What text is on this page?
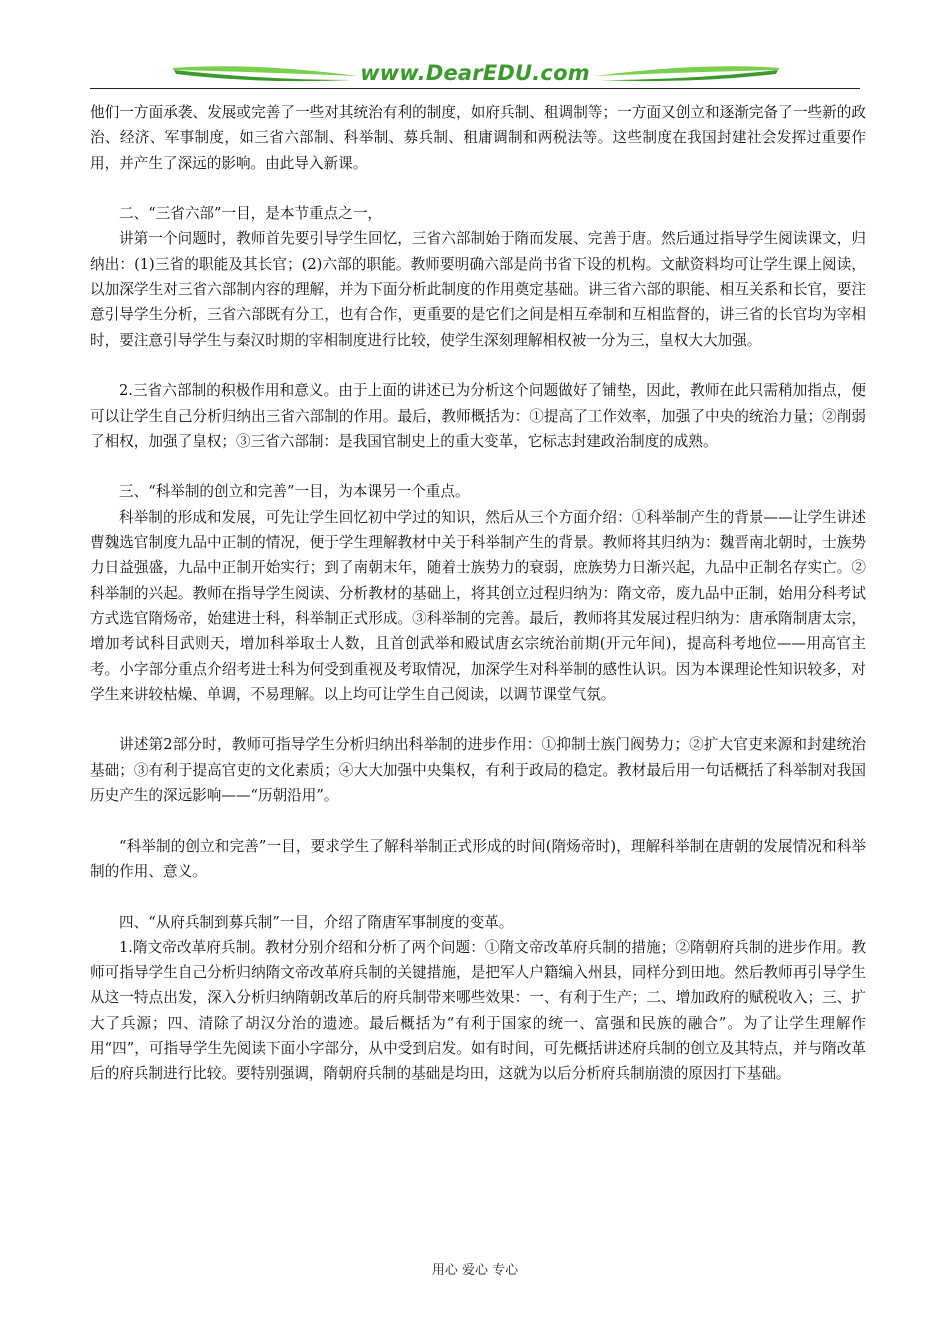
www.DearEDU.com

他们一方面承袭、发展或完善了一些对其统治有利的制度，如府兵制、租调制等；一方面又创立和逐渐完备了一些新的政治、经济、军事制度，如三省六部制、科举制、募兵制、租庸调制和两税法等。这些制度在我国封建社会发挥过重要作用，并产生了深远的影响。由此导入新课。

二、“三省六部”一目，是本节重点之一，

讲第一个问题时，教师首先要引导学生回忆，三省六部制始于隋而发展、完善于唐。然后通过指导学生阅读课文，归纳出：(1)三省的职能及其长官；(2)六部的职能。教师要明确六部是尚书省下设的机构。文献资料均可让学生课上阅读，以加深学生对三省六部制内容的理解，并为下面分析此制度的作用奠定基础。讲三省六部的职能、相互关系和长官，要注意引导学生分析，三省六部既有分工，也有合作，更重要的是它们之间是相互牵制和互相监督的，讲三省的长官均为宰相时，要注意引导学生与秦汉时期的宰相制度进行比较，使学生深刻理解相权被一分为三，皇权大大加强。

2.三省六部制的积极作用和意义。由于上面的讲述已为分析这个问题做好了铺垫，因此，教师在此只需稍加指点，便可以让学生自己分析归纳出三省六部制的作用。最后，教师概括为：①提高了工作效率，加强了中央的统治力量；②削弱了相权，加强了皇权；③三省六部制：是我国官制史上的重大变革，它标志封建政治制度的成熟。

三、“科举制的创立和完善”一目，为本课另一个重点。

科举制的形成和发展，可先让学生回忆初中学过的知识，然后从三个方面介绍：①科举制产生的背景——让学生讲述曹魏选官制度九品中正制的情况，便于学生理解教材中关于科举制产生的背景。教师将其归纳为：魏晋南北朝时，士族势力日益强盛，九品中正制开始实行；到了南朝末年，随着士族势力的衰弱，庶族势力日渐兴起，九品中正制名存实亡。②科举制的兴起。教师在指导学生阅读、分析教材的基础上，将其创立过程归纳为：隋文帝，废九品中正制，始用分科考试方式选官隋炀帝，始建进士科，科举制正式形成。③科举制的完善。最后，教师将其发展过程归纳为：唐承隋制唐太宗，增加考试科目武则天，增加科举取士人数，且首创武举和殿试唐玄宗统治前期(开元年间)，提高科考地位——用高官主考。小字部分重点介绍考进士科为何受到重视及考取情况，加深学生对科举制的感性认识。因为本课理论性知识较多，对学生来讲较枯燥、单调，不易理解。以上均可让学生自己阅读，以调节课堂气氛。

讲述第2部分时，教师可指导学生分析归纳出科举制的进步作用：①抑制士族门阀势力；②扩大官吏来源和封建统治基础；③有利于提高官吏的文化素质；④大大加强中央集权，有利于政局的稳定。教材最后用一句话概括了科举制对我国历史产生的深远影响——“历朝沿用”。

“科举制的创立和完善”一目，要求学生了解科举制正式形成的时间(隋炀帝时)，理解科举制在唐朝的发展情况和科举制的作用、意义。

四、“从府兵制到募兵制”一目，介绍了隋唐军事制度的变革。

1.隋文帝改革府兵制。教材分别介绍和分析了两个问题：①隋文帝改革府兵制的措施；②隋朝府兵制的进步作用。教师可指导学生自己分析归纳隋文帝改革府兵制的关键措施，是把军人户籍编入州县，同样分到田地。然后教师再引导学生从这一特点出发，深入分析归纳隋朝改革后的府兵制带来哪些效果：一、有利于生产；二、增加政府的赋税收入；三、扩大了兵源；四、清除了胡汉分治的遗迹。最后概括为“有利于国家的统一、富强和民族的融合”。为了让学生理解作用“四”，可指导学生先阅读下面小字部分，从中受到启发。如有时间，可先概括讲述府兵制的创立及其特点，并与隋改革后的府兵制进行比较。要特别强调，隋朝府兵制的基础是均田，这就为以后分析府兵制崩溃的原因打下基础。

用心 爱心 专心
